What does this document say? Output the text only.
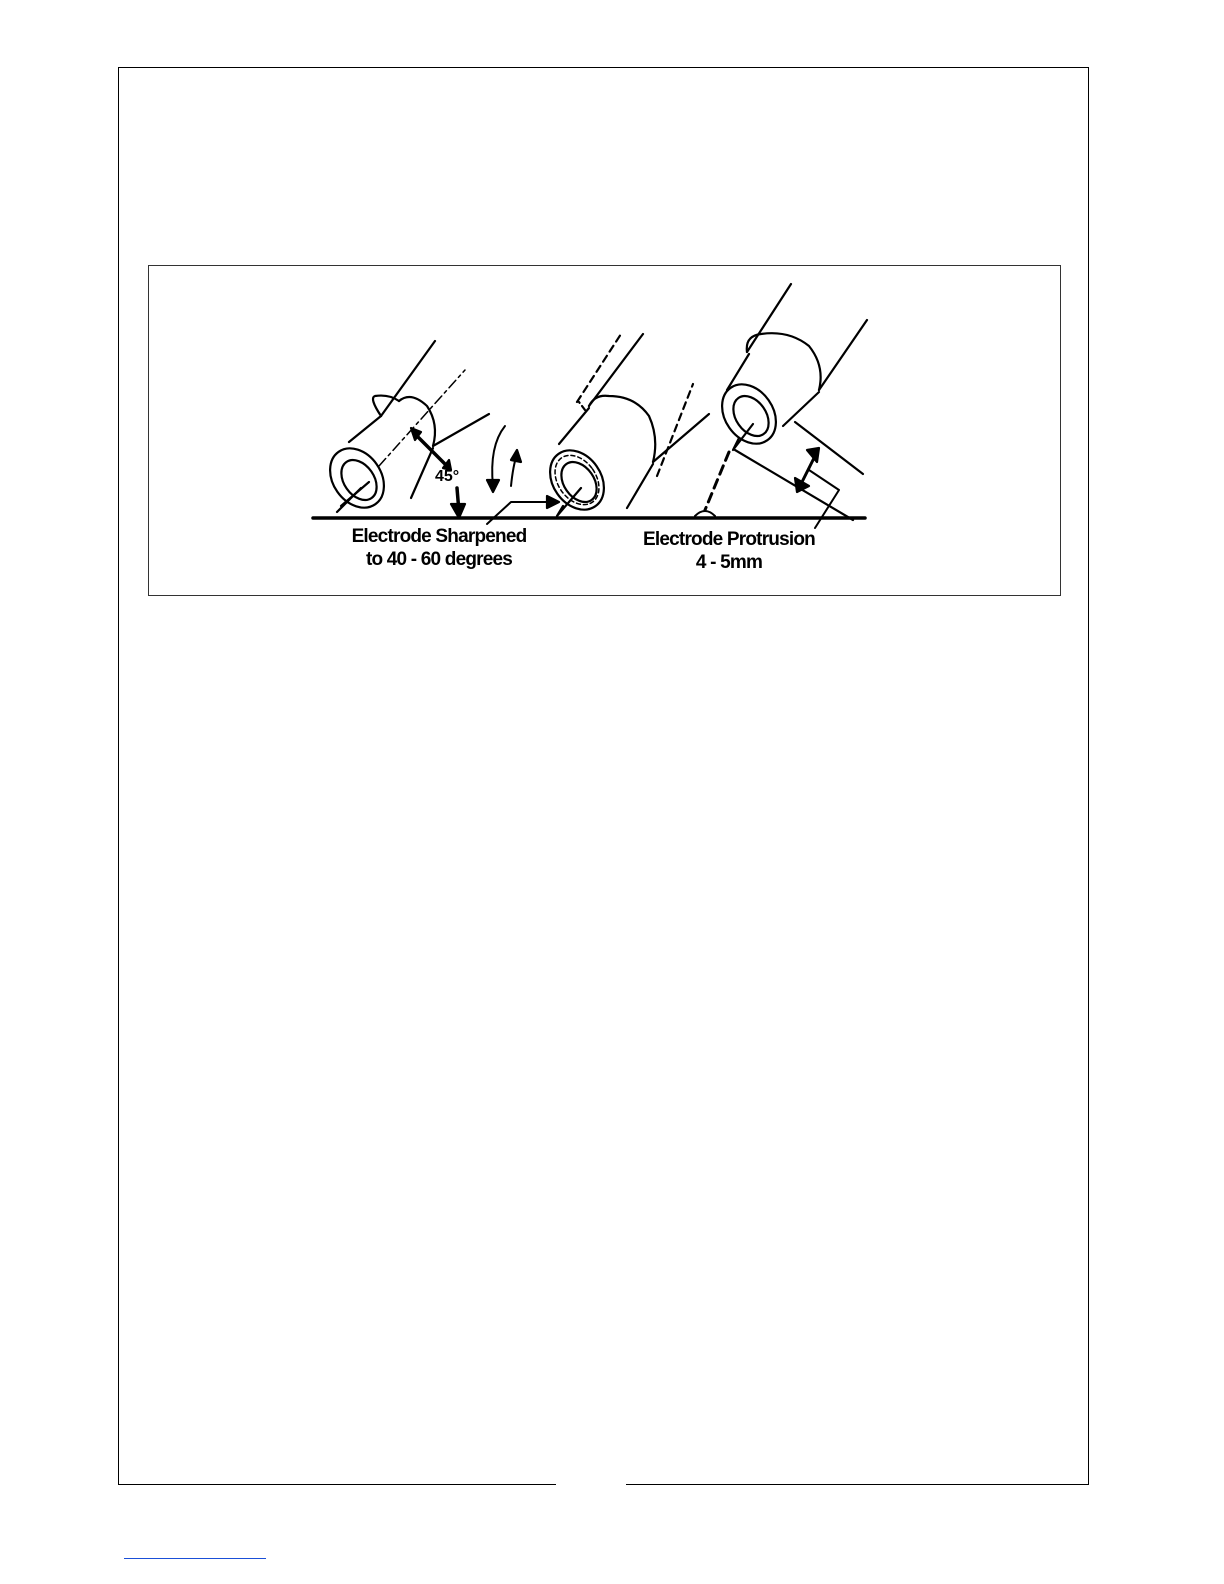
45°
Electrode Sharpened
to 40 - 60 degrees
Electrode Protrusion
4 - 5mm
